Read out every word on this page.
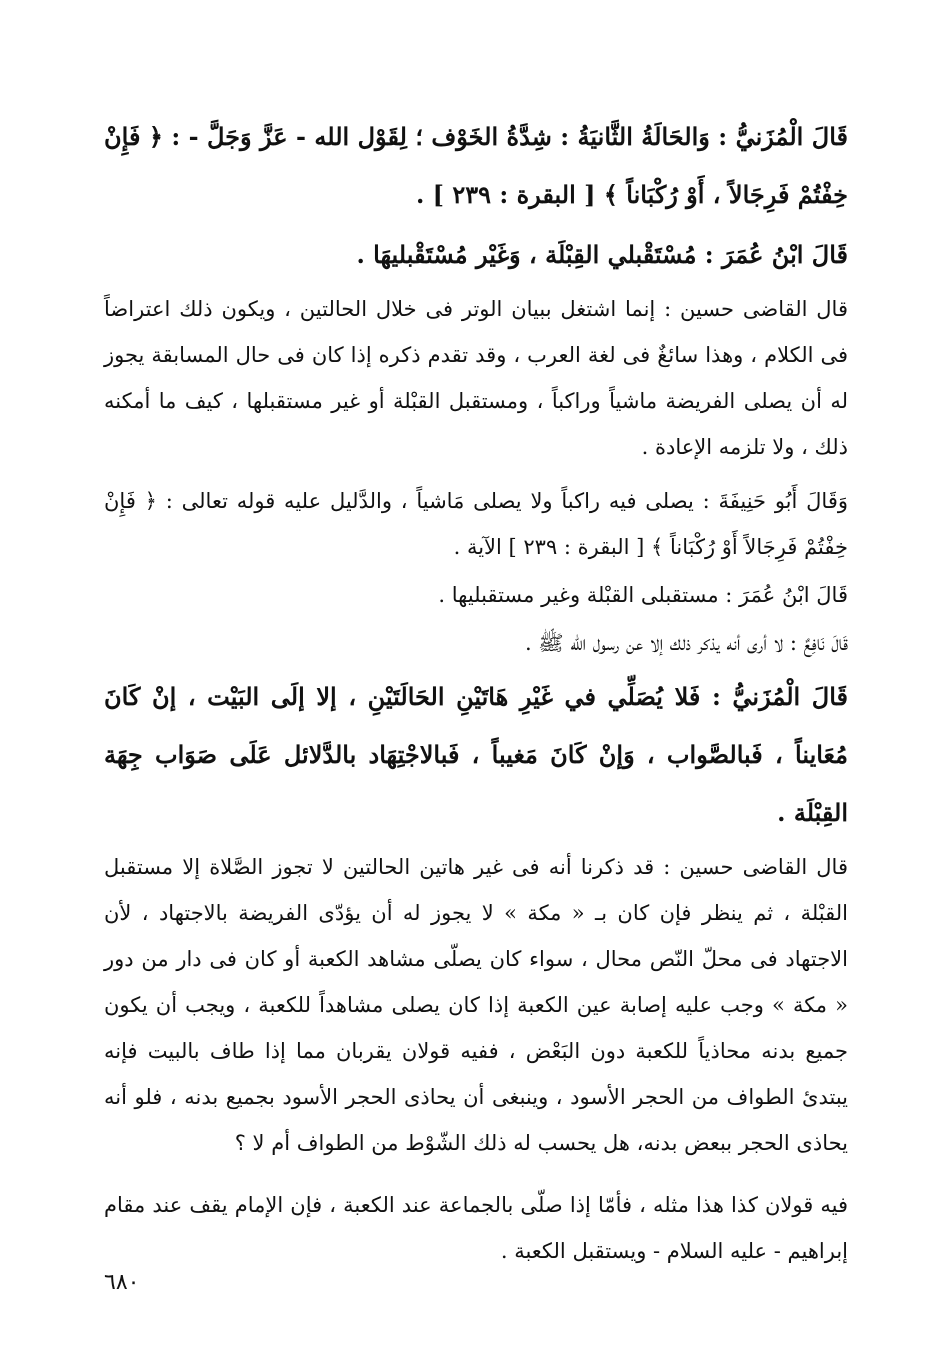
قَالَ الْمُزَنيُّ : وَالحَالَةُ الثَّانيَةُ : شِدَّةُ الخَوْف ؛ لِقَوْل الله - عَزَّ وَجَلَّ - : ﴿ فَإِنْ خِفْتُمْ فَرِجَالاً ، أَوْ رُكْبَاناً ﴾ [ البقرة : ٢٣٩ ] .

قَالَ ابْنُ عُمَرَ : مُسْتَقْبلي القِبْلَة ، وَغَيْر مُسْتَقْبليهَا .

قال القاضى حسين : إنما اشتغل ببيان الوتر فى خلال الحالتين ، ويكون ذلك اعتراضاً فى الكلام ، وهذا سائغٌ فى لغة العرب ، وقد تقدم ذكره إذا كان فى حال المسابقة يجوز له أن يصلى الفريضة ماشياً وراكباً ، ومستقبل القبْلة أو غير مستقبلها ، كيف ما أمكنه ذلك ، ولا تلزمه الإعادة .

وَقَالَ أَبُو حَنِيفَةَ : يصلى فيه راكباً ولا يصلى مَاشياً ، والدَّليل عليه قوله تعالى : ﴿ فَإِنْ خِفْتُمْ فَرِجَالاً أَوْ رُكْبَاناً ﴾ [ البقرة : ٢٣٩ ] الآية .

قَالَ ابْنُ عُمَرَ : مستقبلى القبْلة وغير مستقبليها .

قَالَ نَافِعٌ : لا أرى أنه يذكر ذلك إلا عن رسول الله ﷺ .

قَالَ الْمُزَنيُّ : فَلا يُصَلِّي في غَيْرِ هَاتَيْنِ الحَالَتَيْنِ ، إلا إلَى البَيْت ، إنْ كَانَ مُعَايناً ، فَبالصَّواب ، وَإنْ كَانَ مَغيباً ، فَبالاجْتِهَاد بالدَّلائل عَلَى صَوَاب جِهَة القِبْلَة .

قال القاضى حسين : قد ذكرنا أنه فى غير هاتين الحالتين لا تجوز الصَّلاة إلا مستقبل القبْلة ، ثم ينظر فإن كان بـ « مكة » لا يجوز له أن يؤدّى الفريضة بالاجتهاد ، لأن الاجتهاد فى محلّ النّص محال ، سواء كان يصلّى مشاهد الكعبة أو كان فى دار من دور « مكة » وجب عليه إصابة عين الكعبة إذا كان يصلى مشاهداً للكعبة ، ويجب أن يكون جميع بدنه محاذياً للكعبة دون البَعْض ، ففيه قولان يقربان مما إذا طاف بالبيت فإنه يبتدئ الطواف من الحجر الأسود ، وينبغى أن يحاذى الحجر الأسود بجميع بدنه ، فلو أنه يحاذى الحجر ببعض بدنه، هل يحسب له ذلك الشّوْط من الطواف أم لا ؟

فيه قولان كذا هذا مثله ، فأمّا إذا صلّى بالجماعة عند الكعبة ، فإن الإمام يقف عند مقام إبراهيم - عليه السلام - ويستقبل الكعبة .

٦٨٠
